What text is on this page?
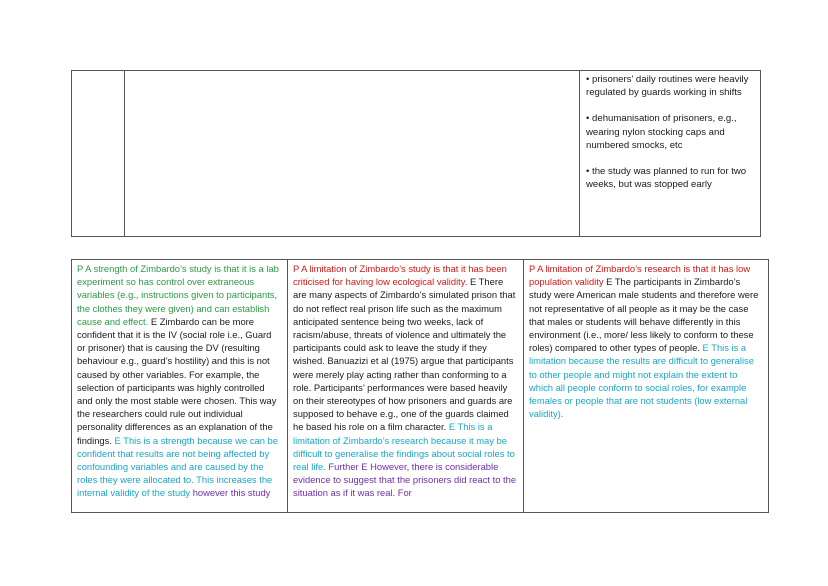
• prisoners’ daily routines were heavily regulated by guards working in shifts

• dehumanisation of prisoners, e.g., wearing nylon stocking caps and numbered smocks, etc

• the study was planned to run for two weeks, but was stopped early

P A strength of Zimbardo’s study is that it is a lab experiment so has control over extraneous variables (e.g., instructions given to participants, the clothes they were given) and can establish cause and effect. E Zimbardo can be more confident that it is the IV (social role i.e., Guard or prisoner) that is causing the DV (resulting behaviour e.g., guard’s hostility) and this is not caused by other variables. For example, the selection of participants was highly controlled and only the most stable were chosen. This way the researchers could rule out individual personality differences as an explanation of the findings. E This is a strength because we can be confident that results are not being affected by confounding variables and are caused by the roles they were allocated to. This increases the internal validity of the study however this study
P A limitation of Zimbardo’s study is that it has been criticised for having low ecological validity. E There are many aspects of Zimbardo’s simulated prison that do not reflect real prison life such as the maximum anticipated sentence being two weeks, lack of racism/abuse, threats of violence and ultimately the participants could ask to leave the study if they wished. Banuazizi et al (1975) argue that participants were merely play acting rather than conforming to a role. Participants’ performances were based heavily on their stereotypes of how prisoners and guards are supposed to behave e.g., one of the guards claimed he based his role on a film character. E This is a limitation of Zimbardo’s research because it may be difficult to generalise the findings about social roles to real life. Further E However, there is considerable evidence to suggest that the prisoners did react to the situation as if it was real. For
P A limitation of Zimbardo’s research is that it has low population validity E The participants in Zimbardo’s study were American male students and therefore were not representative of all people as it may be the case that males or students will behave differently in this environment (i.e., more/ less likely to conform to these roles) compared to other types of people. E This is a limitation because the results are difficult to generalise to other people and might not explain the extent to which all people conform to social roles, for example females or people that are not students (low external validity).
